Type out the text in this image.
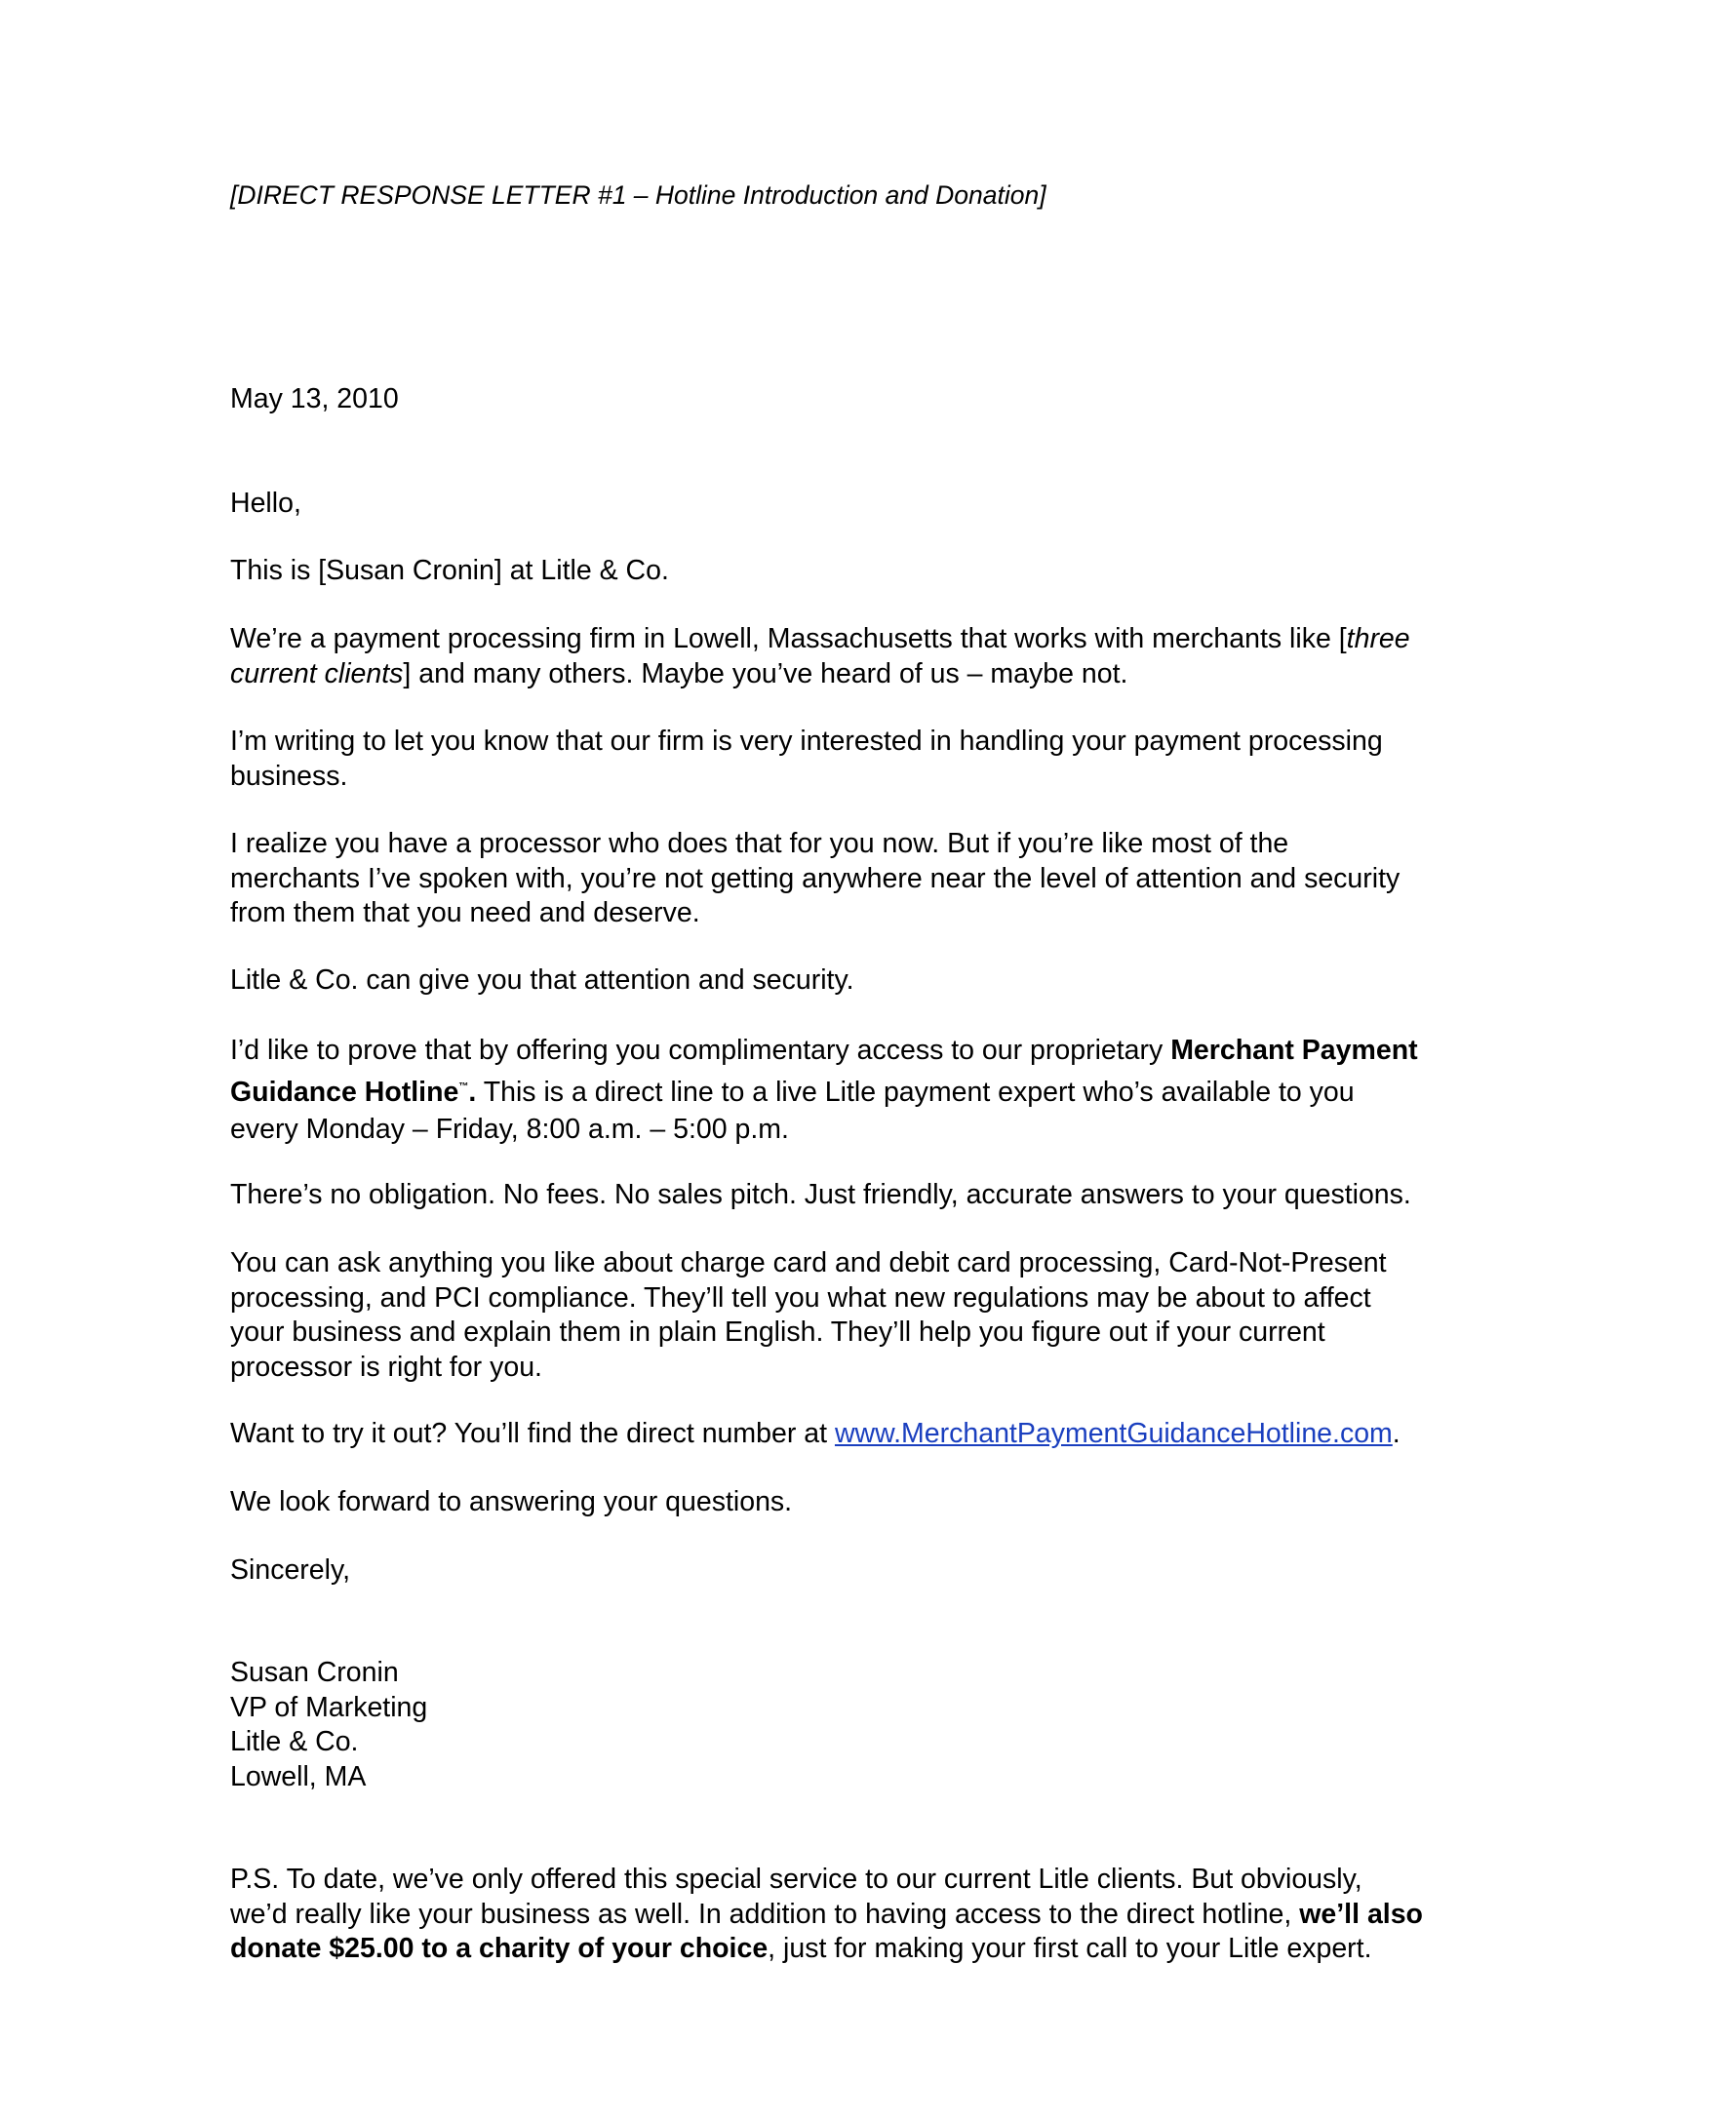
[DIRECT RESPONSE LETTER #1 – Hotline Introduction and Donation]
May 13, 2010
Hello,
This is [Susan Cronin] at Litle & Co.
We’re a payment processing firm in Lowell, Massachusetts that works with merchants like [three
current clients] and many others. Maybe you’ve heard of us – maybe not.
I’m writing to let you know that our firm is very interested in handling your payment processing
business.
I realize you have a processor who does that for you now. But if you’re like most of the
merchants I’ve spoken with, you’re not getting anywhere near the level of attention and security
from them that you need and deserve.
Litle & Co. can give you that attention and security.
I’d like to prove that by offering you complimentary access to our proprietary Merchant Payment
Guidance Hotline™. This is a direct line to a live Litle payment expert who’s available to you
every Monday – Friday, 8:00 a.m. – 5:00 p.m.
There’s no obligation. No fees. No sales pitch. Just friendly, accurate answers to your questions.
You can ask anything you like about charge card and debit card processing, Card-Not-Present
processing, and PCI compliance. They’ll tell you what new regulations may be about to affect
your business and explain them in plain English. They’ll help you figure out if your current
processor is right for you.
Want to try it out? You’ll find the direct number at www.MerchantPaymentGuidanceHotline.com.
We look forward to answering your questions.
Sincerely,
Susan Cronin
VP of Marketing
Litle & Co.
Lowell, MA
P.S. To date, we’ve only offered this special service to our current Litle clients. But obviously,
we’d really like your business as well. In addition to having access to the direct hotline, we’ll also
donate $25.00 to a charity of your choice, just for making your first call to your Litle expert.
